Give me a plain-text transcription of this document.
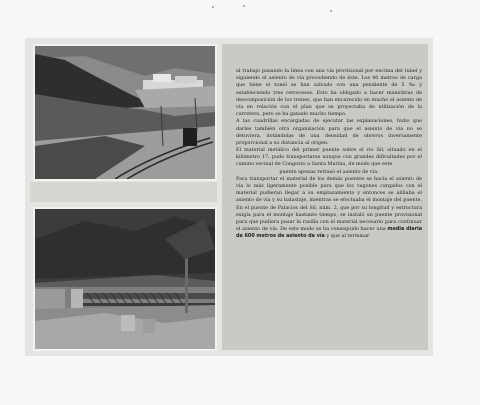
al trabajo pasando la linea con una vía provisional por encima del tunel y siguiendo el asiento de vía procediendo de éste. Los 40 metros de carga que tiene el tunel se han salvado con una pendiente de 5 %₀ y estableciendo tres retrocesos. Esto ha obligado a hacer maniobras de descomposición de los trenes, que han encarecido en mucho el asiento de vía en relación con el plan que se proyectaba de utilización de la carretera, pero se ha ganado mucho tiempo.

A las cuadrillas encargadas de ejecutar las explanaciones, hubo que darles también otra organización para que el asiento de vía no se detuviera, dotándolas de una densidad de obreros inversamente proporcional a su distancia al origen.

El material metálico del primer puente sobre el rio Sil, situado en el kilómetro 17, pudo transportarse aunque con grandes dificultades por el camino vecinal de Congosto a Santa Marina, de modo que este

puente apenas retrasó el asiento de vía.

Para transportar el material de los demás puentes se hacía el asiento de vía lo más ligeramente posible para que los vagones cargados con el material pudieran llegar a su emplazamiento y entonces se aliñaba el asiento de vía y su balastaje, mientras se efectuaba el montaje del puente. En el puente de Palacios del Sil, núm. 2, que por su longitud y estructura exigía para el montaje bastante tiempo, se instaló un puente provisional para que pudiera pasar la rasilla con el material necesario para continuar el asiento de vía. De este modo se ha conseguido hacer una media diaria de 600 metros de asiento de vía y que al terminar
